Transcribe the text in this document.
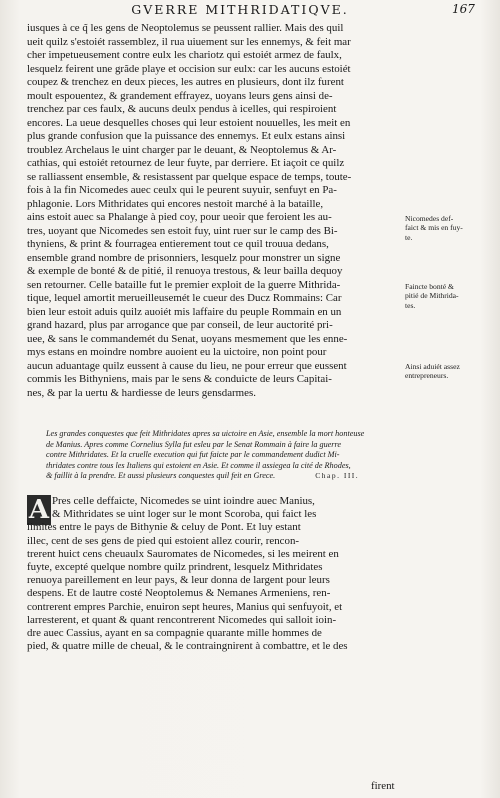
GVERRE MITHRIDATIQVE.	167
iusques à ce q̃ les gens de Neoptolemus se peussent rallier. Mais des quil
ueit quilz s'estoiét rassemblez, il rua uiuement sur les ennemys, & feit mar
cher impetueusement contre eulx les chariotz qui estoiét armez de faulx,
lesquelz feirent une grãde playe et occision sur eulx: car les aucuns estoiét
coupez & trenchez en deux pieces, les autres en plusieurs, dont ilz furent
moult espouentez, & grandement effrayez, uoyans leurs gens ainsi de-
trenchez par ces faulx, & aucuns deulx pendus à icelles, qui respiroient
encores. La ueue desquelles choses qui leur estoient nouuelles, les meit en
plus grande confusion que la puissance des ennemys. Et eulx estans ainsi
troublez Archelaus le uint charger par le deuant, & Neoptolemus & Ar-
cathias, qui estoiét retournez de leur fuyte, par derriere. Et iaçoit ce quilz
se ralliassent ensemble, & resistassent par quelque espace de temps, toute-
fois à la fin Nicomedes auec ceulx qui le peurent suyuir, senfuyt en Pa-
phlagonie. Lors Mithridates qui encores nestoit marché à la bataille,
ains estoit auec sa Phalange à pied coy, pour ueoir que feroient les au-
tres, uoyant que Nicomedes sen estoit fuy, uint ruer sur le camp des Bi-
thyniens, & print & fourragea entierement tout ce quil trouua dedans,
ensemble grand nombre de prisonniers, lesquelz pour monstrer un signe
& exemple de bonté & de pitié, il renuoya trestous, & leur bailla dequoy
sen retourner. Celle bataille fut le premier exploit de la guerre Mithrida-
tique, lequel amortit merueilleusemét le cueur des Ducz Rommains: Car
bien leur estoit aduis quilz auoiét mis laffaire du peuple Rommain en un
grand hazard, plus par arrogance que par conseil, de leur auctorité pri-
uee, & sans le commandemét du Senat, uoyans mesmement que les enne-
mys estans en moindre nombre auoient eu la uictoire, non point pour
aucun aduantage quilz eussent à cause du lieu, ne pour erreur que eussent
commis les Bithyniens, mais par le sens & conduicte de leurs Capitai-
nes, & par la uertu & hardiesse de leurs gensdarmes.
Nicomedes def-
faict & mis en fuy-
te.
Faincte bonté &
pitié de Mithrida-
tes.
Ainsi aduiét assez
entrepreneurs.
Les grandes conquestes que feit Mithridates apres sa uictoire en Asie, ensemble la mort honteuse
de Manius. Apres comme Cornelius Sylla fut esleu par le Senat Rommain à faire la guerre
contre Mithridates. Et la cruelle execution qui fut faicte par le commandement dudict Mi-
thridates contre tous les Italiens qui estoient en Asie. Et comme il assiegea la cité de Rhodes,
& faillit à la prendre. Et aussi plusieurs conquestes quil feit en Grece.	Chap. III.
A Pres celle deffaicte, Nicomedes se uint ioindre auec Manius,
& Mithridates se uint loger sur le mont Scoroba, qui faict les
limites entre le pays de Bithynie & celuy de Pont. Et luy estant
illec, cent de ses gens de pied qui estoient allez courir, rencon-
trerent huict cens cheuaulx Sauromates de Nicomedes, si les meirent en
fuyte, excepté quelque nombre quilz prindrent, lesquelz Mithridates
renuoya pareillement en leur pays, & leur donna de largent pour leurs
despens. Et de lautre costé Neoptolemus & Nemanes Armeniens, ren-
contrerent empres Parchie, enuiron sept heures, Manius qui senfuyoit, et
larresterent, et quant & quant rencontrerent Nicomedes qui salloit ioin-
dre auec Cassius, ayant en sa compagnie quarante mille hommes de
pied, & quatre mille de cheual, & le contraingnirent à combattre, et le des
firent
